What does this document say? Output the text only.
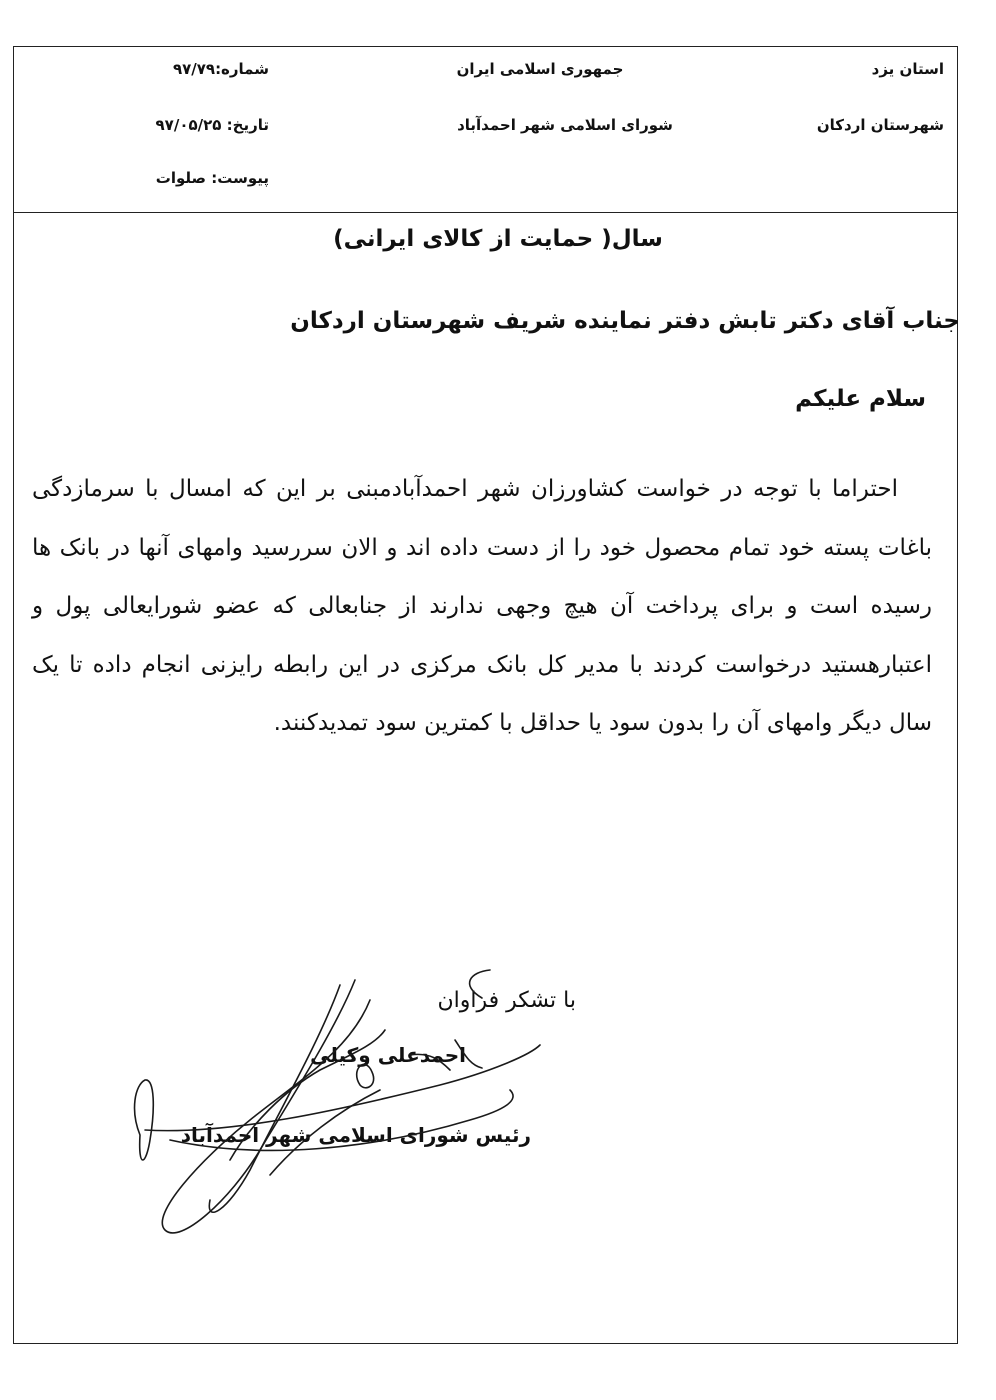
استان یزد
شهرستان اردکان
جمهوری اسلامی ایران
شورای اسلامی شهر احمدآباد
شماره:۹۷/۷۹
تاریخ: ۹۷/۰۵/۲۵
پیوست: صلوات
سال( حمایت از کالای ایرانی)
جناب آقای دکتر تابش دفتر نماینده شریف شهرستان اردکان
سلام علیکم

احتراما با توجه در خواست کشاورزان شهر احمدآبادمبنی بر این که امسال با سرمازدگی باغات پسته خود تمام محصول خود را از دست داده اند و الان سررسید وامهای آنها در بانک ها رسیده است و برای پرداخت آن هیچ وجهی ندارند از جنابعالی که عضو شورایعالی پول و اعتبارهستید درخواست کردند با مدیر کل بانک مرکزی در این رابطه رایزنی انجام داده تا یک سال دیگر وامهای آن را بدون سود یا حداقل با کمترین سود تمدیدکنند.

با تشکر فراوان
احمدعلی وکیلی
رئیس شورای اسلامی شهر احمدآباد
